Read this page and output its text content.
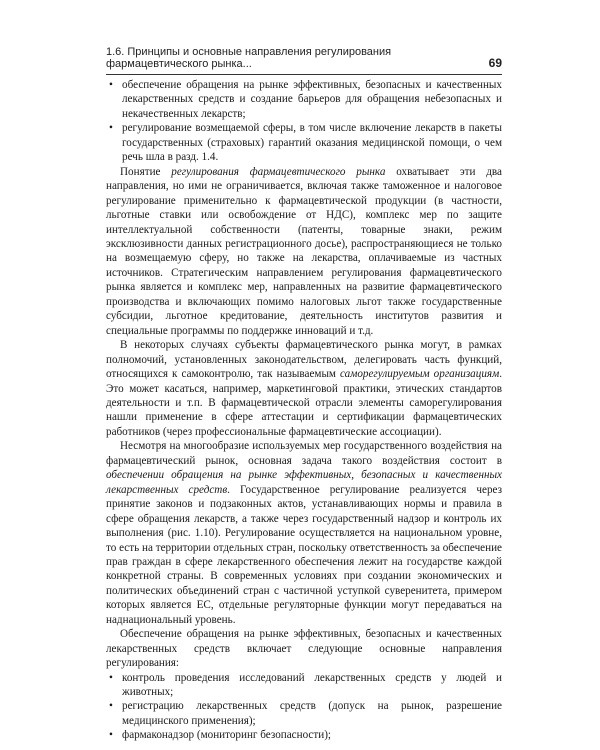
1.6. Принципы и основные направления регулирования фармацевтического рынка...	69
• обеспечение обращения на рынке эффективных, безопасных и качественных лекарственных средств и создание барьеров для обращения небезопасных и некачественных лекарств;
• регулирование возмещаемой сферы, в том числе включение лекарств в пакеты государственных (страховых) гарантий оказания медицинской помощи, о чем речь шла в разд. 1.4.

Понятие регулирования фармацевтического рынка охватывает эти два направления, но ими не ограничивается, включая также таможенное и налоговое регулирование применительно к фармацевтической продукции (в частности, льготные ставки или освобождение от НДС), комплекс мер по защите интеллектуальной собственности (патенты, товарные знаки, режим эксклюзивности данных регистрационного досье), распространяющиеся не только на возмещаемую сферу, но также на лекарства, оплачиваемые из частных источников. Стратегическим направлением регулирования фармацевтического рынка является и комплекс мер, направленных на развитие фармацевтического производства и включающих помимо налоговых льгот также государственные субсидии, льготное кредитование, деятельность институтов развития и специальные программы по поддержке инноваций и т.д.

В некоторых случаях субъекты фармацевтического рынка могут, в рамках полномочий, установленных законодательством, делегировать часть функций, относящихся к самоконтролю, так называемым саморегулируемым организациям. Это может касаться, например, маркетинговой практики, этических стандартов деятельности и т.п. В фармацевтической отрасли элементы саморегулирования нашли применение в сфере аттестации и сертификации фармацевтических работников (через профессиональные фармацевтические ассоциации).

Несмотря на многообразие используемых мер государственного воздействия на фармацевтический рынок, основная задача такого воздействия состоит в обеспечении обращения на рынке эффективных, безопасных и качественных лекарственных средств. Государственное регулирование реализуется через принятие законов и подзаконных актов, устанавливающих нормы и правила в сфере обращения лекарств, а также через государственный надзор и контроль их выполнения (рис. 1.10). Регулирование осуществляется на национальном уровне, то есть на территории отдельных стран, поскольку ответственность за обеспечение прав граждан в сфере лекарственного обеспечения лежит на государстве каждой конкретной страны. В современных условиях при создании экономических и политических объединений стран с частичной уступкой суверенитета, примером которых является ЕС, отдельные регуляторные функции могут передаваться на наднациональный уровень.

Обеспечение обращения на рынке эффективных, безопасных и качественных лекарственных средств включает следующие основные направления регулирования:

• контроль проведения исследований лекарственных средств у людей и животных;
• регистрацию лекарственных средств (допуск на рынок, разрешение медицинского применения);
• фармаконадзор (мониторинг безопасности);
